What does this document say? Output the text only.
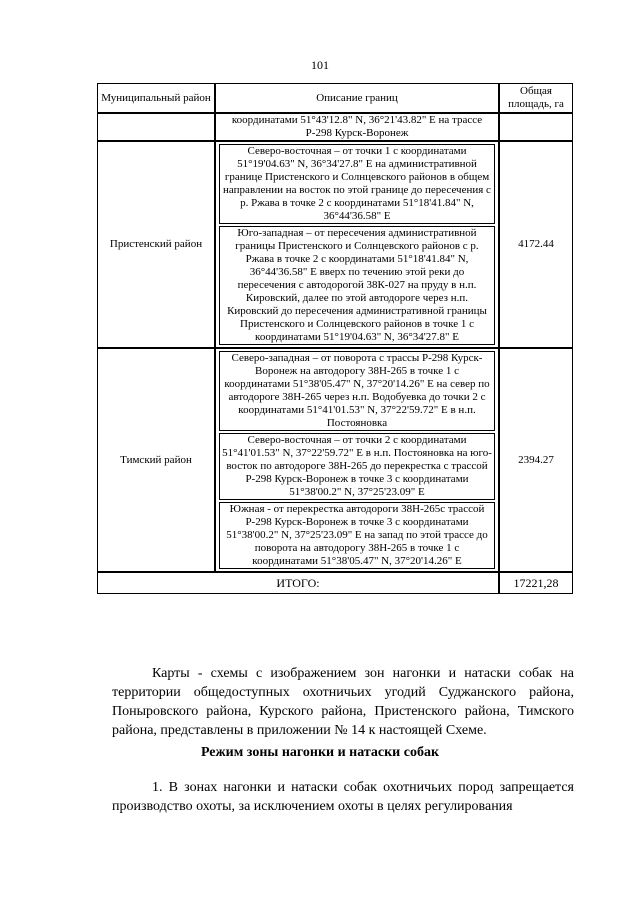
101
Муниципальный район	Описание границ	Общая площадь, га
	координатами 51°43'12.8" N, 36°21'43.82" E на трассе Р-298 Курск-Воронеж	
Пристенский район	Северо-восточная – от точки 1 с координатами 51°19'04.63" N, 36°34'27.8" E на административной границе Пристенского и Солнцевского районов в общем направлении на восток по этой границе до пересечения с р. Ржава в точке 2 с координатами 51°18'41.84" N, 36°44'36.58" E
Юго-западная – от пересечения административной границы Пристенского и Солнцевского районов с р. Ржава в точке 2 с координатами 51°18'41.84" N, 36°44'36.58" E вверх по течению этой реки до пересечения с автодорогой 38К-027 на пруду в н.п. Кировский, далее по этой автодороге через н.п. Кировский до пересечения административной границы Пристенского и Солнцевского районов в точке 1 с координатами 51°19'04.63" N, 36°34'27.8" E	4172.44
Тимский район	Северо-западная – от поворота с трассы Р-298 Курск-Воронеж на автодорогу 38Н-265 в точке 1 с координатами 51°38'05.47" N, 37°20'14.26" E на север по автодороге 38Н-265 через н.п. Водобуевка до точки 2 с координатами 51°41'01.53" N, 37°22'59.72" E в н.п. Постояновка
Северо-восточная – от точки 2 с координатами 51°41'01.53" N, 37°22'59.72" E в н.п. Постояновка на юго-восток по автодороге 38Н-265 до перекрестка с трассой Р-298 Курск-Воронеж в точке 3 с координатами 51°38'00.2" N, 37°25'23.09" E
Южная - от перекрестка автодороги 38Н-265с трассой Р-298 Курск-Воронеж в точке 3 с координатами 51°38'00.2" N, 37°25'23.09" E на запад по этой трассе до поворота на автодорогу 38Н-265 в точке 1 с координатами 51°38'05.47" N, 37°20'14.26" E	2394.27
ИТОГО:		17221,28
Карты - схемы с изображением зон нагонки и натаски собак на территории общедоступных охотничьих угодий Суджанского района, Поныровского района, Курского района, Пристенского района, Тимского района, представлены в приложении № 14 к настоящей Схеме.
Режим зоны нагонки и натаски собак
1. В зонах нагонки и натаски собак охотничьих пород запрещается производство охоты, за исключением охоты в целях регулирования
